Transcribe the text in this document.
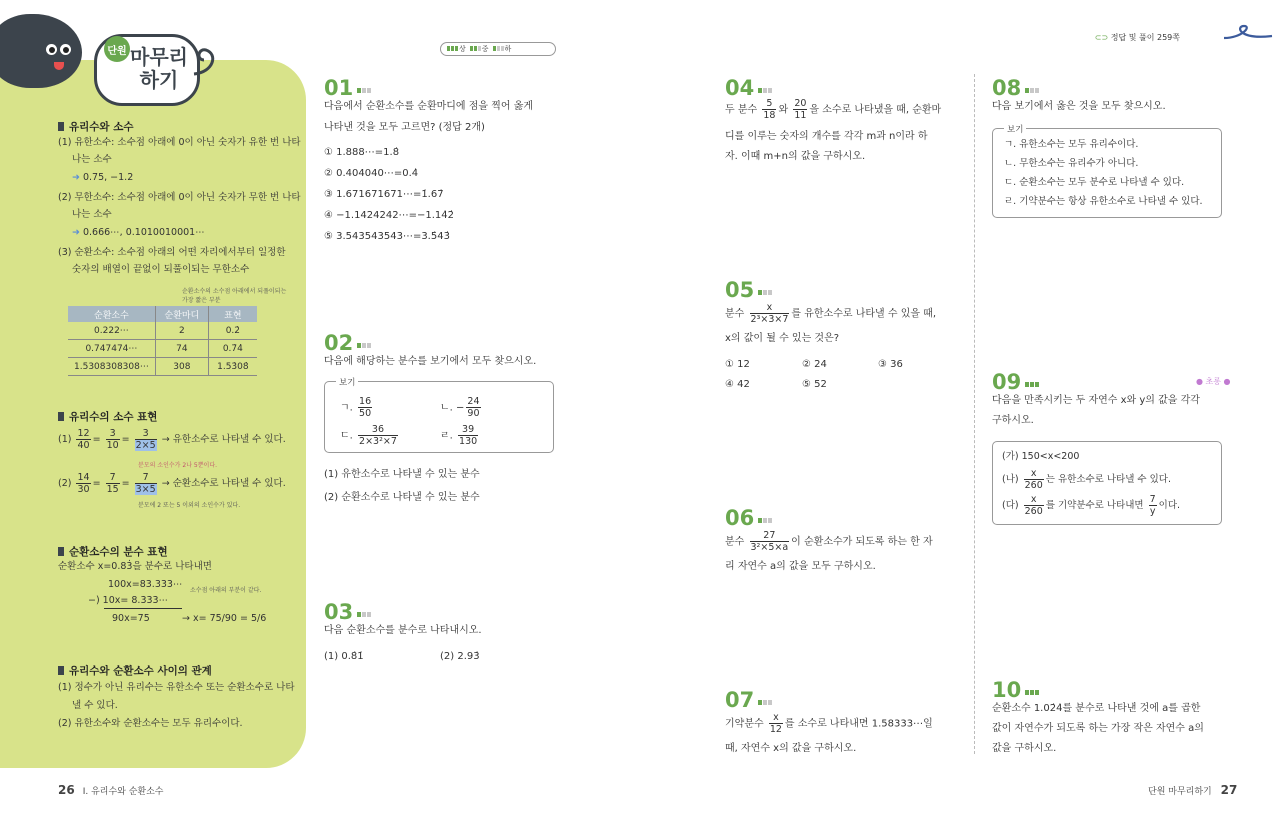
단원 마무리
하기
유리수와 소수
(1) 유한소수: 소수점 아래에 0이 아닌 숫자가 유한 번 나타
나는 소수
➜ 0.75, −1.2
(2) 무한소수: 소수점 아래에 0이 아닌 숫자가 무한 번 나타
나는 소수
➜ 0.666⋯, 0.1010010001⋯
(3) 순환소수: 소수점 아래의 어떤 자리에서부터 일정한
숫자의 배열이 끝없이 되풀이되는 무한소수
순환소수의 소수점 아래에서 되풀이되는 가장 짧은 부분
순환소수	순환마디	표현
0.222⋯	2	0.2̇
0.747474⋯	74	0.7̇4̇
1.5308308308⋯	308	1.53̇08̇
유리수의 소수 표현
$(1) \frac{12}{40} = \frac{3}{10} = \frac{3}{2\times 5}$ → 유한소수로 나타낼 수 있다.
분모의 소인수가 2나 5뿐이다.
$(2) \frac{14}{30} = \frac{7}{15} = \frac{7}{3\times 5}$ → 순환소수로 나타낼 수 있다.
분모에 2 또는 5 이외의 소인수가 있다.
순환소수의 분수 표현
순환소수 x=0.83̇을 분수로 나타내면
100x=83.333⋯
−) 10x= 8.333⋯
소수점 아래의 부분이 같다.
90x=75	→ x= 75/90 = 5/6
유리수와 순환소수 사이의 관계
(1) 정수가 아닌 유리수는 유한소수 또는 순환소수로 나타
낼 수 있다.
(2) 유한소수와 순환소수는 모두 유리수이다.
상	중	하
⊂⊃ 정답 및 풀이 259쪽
01
다음에서 순환소수를 순환마디에 점을 찍어 옳게
나타낸 것을 모두 고르면? (정답 2개)
① 1.888⋯=1.8̇
② 0.404040⋯=0.4̇
③ 1.671671671⋯=1̇.67̇
④ −1.1424242⋯=−1.14̇2̇
⑤ 3.543543543⋯=3.5̇43̇
02
다음에 해당하는 분수를 보기에서 모두 찾으시오.
보기
ㄱ. $\frac{16}{50}$	ㄴ. − $\frac{24}{90}$
ㄷ. $\frac{36}{\text{2×3²×7}}$	ㄹ. $\frac{39}{130}$
(1) 유한소수로 나타낼 수 있는 분수
(2) 순환소수로 나타낼 수 있는 분수
03
다음 순환소수를 분수로 나타내시오.
(1) 0.8̇1̇	(2) 2.93̇
04
두 분수 $\frac{5}{18}$ 와 $\frac{20}{11}$ 을 소수로 나타냈을 때, 순환마
디를 이루는 숫자의 개수를 각각 m과 n이라 하
자. 이때 m+n의 값을 구하시오.
05
분수 $\frac{x}{\text{2³×3×7}}$ 를 유한소수로 나타낼 수 있을 때,
x의 값이 될 수 있는 것은?
① 12	② 24	③ 36
④ 42	⑤ 52
06
분수 $\frac{27}{\text{3²×5×a}}$ 이 순환소수가 되도록 하는 한 자
리 자연수 a의 값을 모두 구하시오.
07
기약분수 $\frac{x}{12}$ 를 소수로 나타내면 1.58333⋯일
때, 자연수 x의 값을 구하시오.
08
다음 보기에서 옳은 것을 모두 찾으시오.
보기
ㄱ. 유한소수는 모두 유리수이다.
ㄴ. 무한소수는 유리수가 아니다.
ㄷ. 순환소수는 모두 분수로 나타낼 수 있다.
ㄹ. 기약분수는 항상 유한소수로 나타낼 수 있다.
09	● 초롱 ●
다음을 만족시키는 두 자연수 x와 y의 값을 각각
구하시오.
(가) 150<x<200
(나) $\frac{x}{260}$ 는 유한소수로 나타낼 수 있다.
(다) $\frac{x}{260}$ 를 기약분수로 나타내면 $\frac{7}{y}$ 이다.
10
순환소수 1.02̇4̇를 분수로 나타낸 것에 a를 곱한
값이 자연수가 되도록 하는 가장 작은 자연수 a의
값을 구하시오.
26 Ⅰ. 유리수와 순환소수	단원 마무리하기 27
